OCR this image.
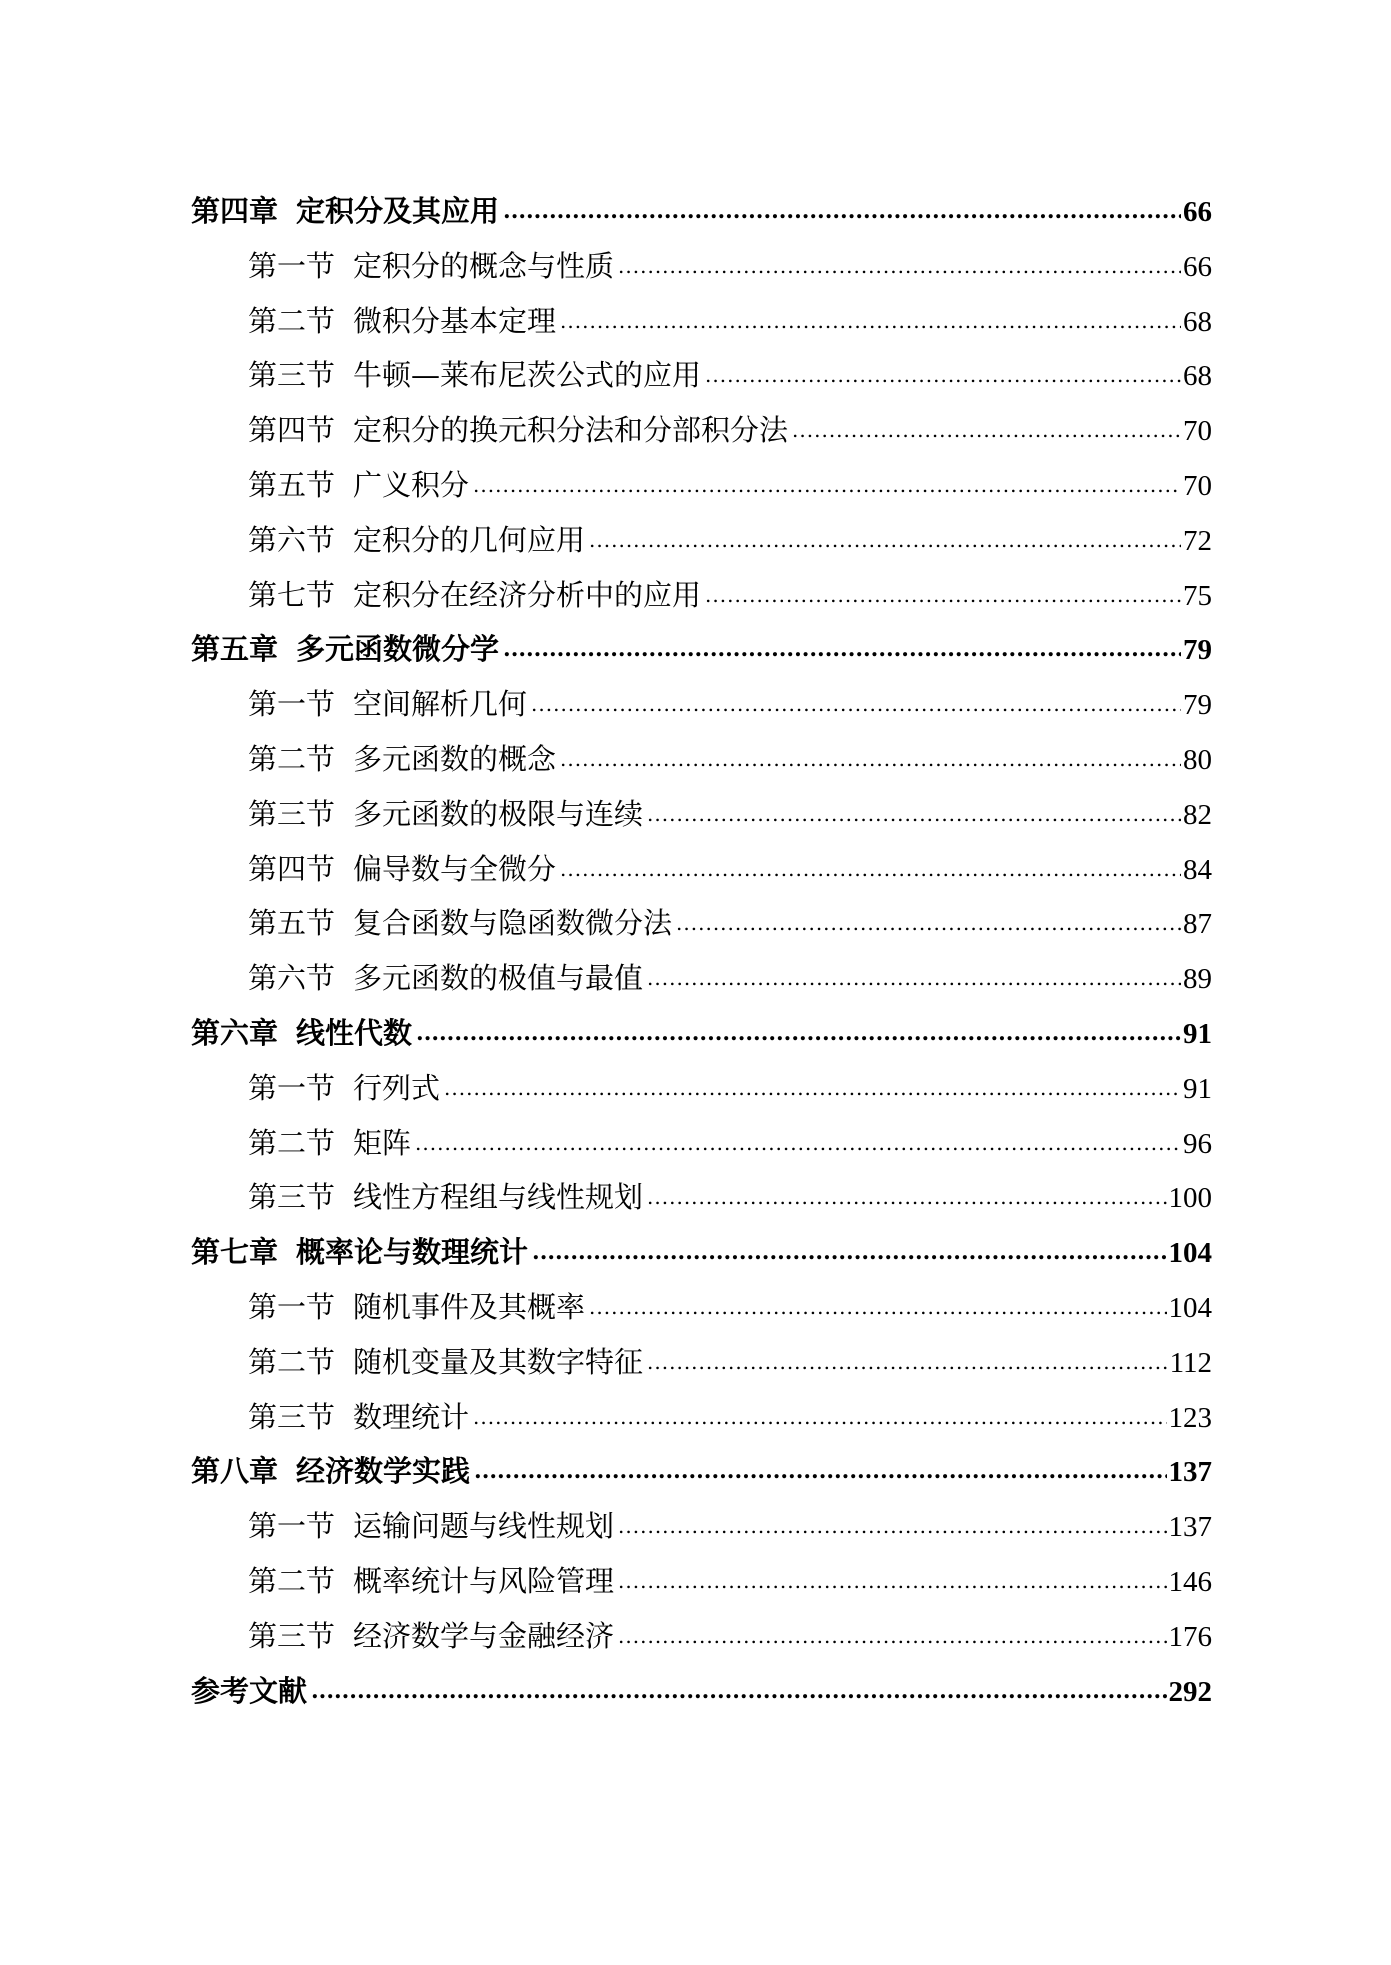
第四章 定积分及其应用 .....	66
第一节 定积分的概念与性质 .....	66
第二节 微积分基本定理 .....	68
第三节 牛顿—莱布尼茨公式的应用 .....	68
第四节 定积分的换元积分法和分部积分法 .....	70
第五节 广义积分 .....	70
第六节 定积分的几何应用 .....	72
第七节 定积分在经济分析中的应用 .....	75
第五章 多元函数微分学 .....	79
第一节 空间解析几何 .....	79
第二节 多元函数的概念 .....	80
第三节 多元函数的极限与连续 .....	82
第四节 偏导数与全微分 .....	84
第五节 复合函数与隐函数微分法 .....	87
第六节 多元函数的极值与最值 .....	89
第六章 线性代数 .....	91
第一节 行列式 .....	91
第二节 矩阵 .....	96
第三节 线性方程组与线性规划 .....	100
第七章 概率论与数理统计 .....	104
第一节 随机事件及其概率 .....	104
第二节 随机变量及其数字特征 .....	112
第三节 数理统计 .....	123
第八章 经济数学实践 .....	137
第一节 运输问题与线性规划 .....	137
第二节 概率统计与风险管理 .....	146
第三节 经济数学与金融经济 .....	176
参考文献 .....	292
